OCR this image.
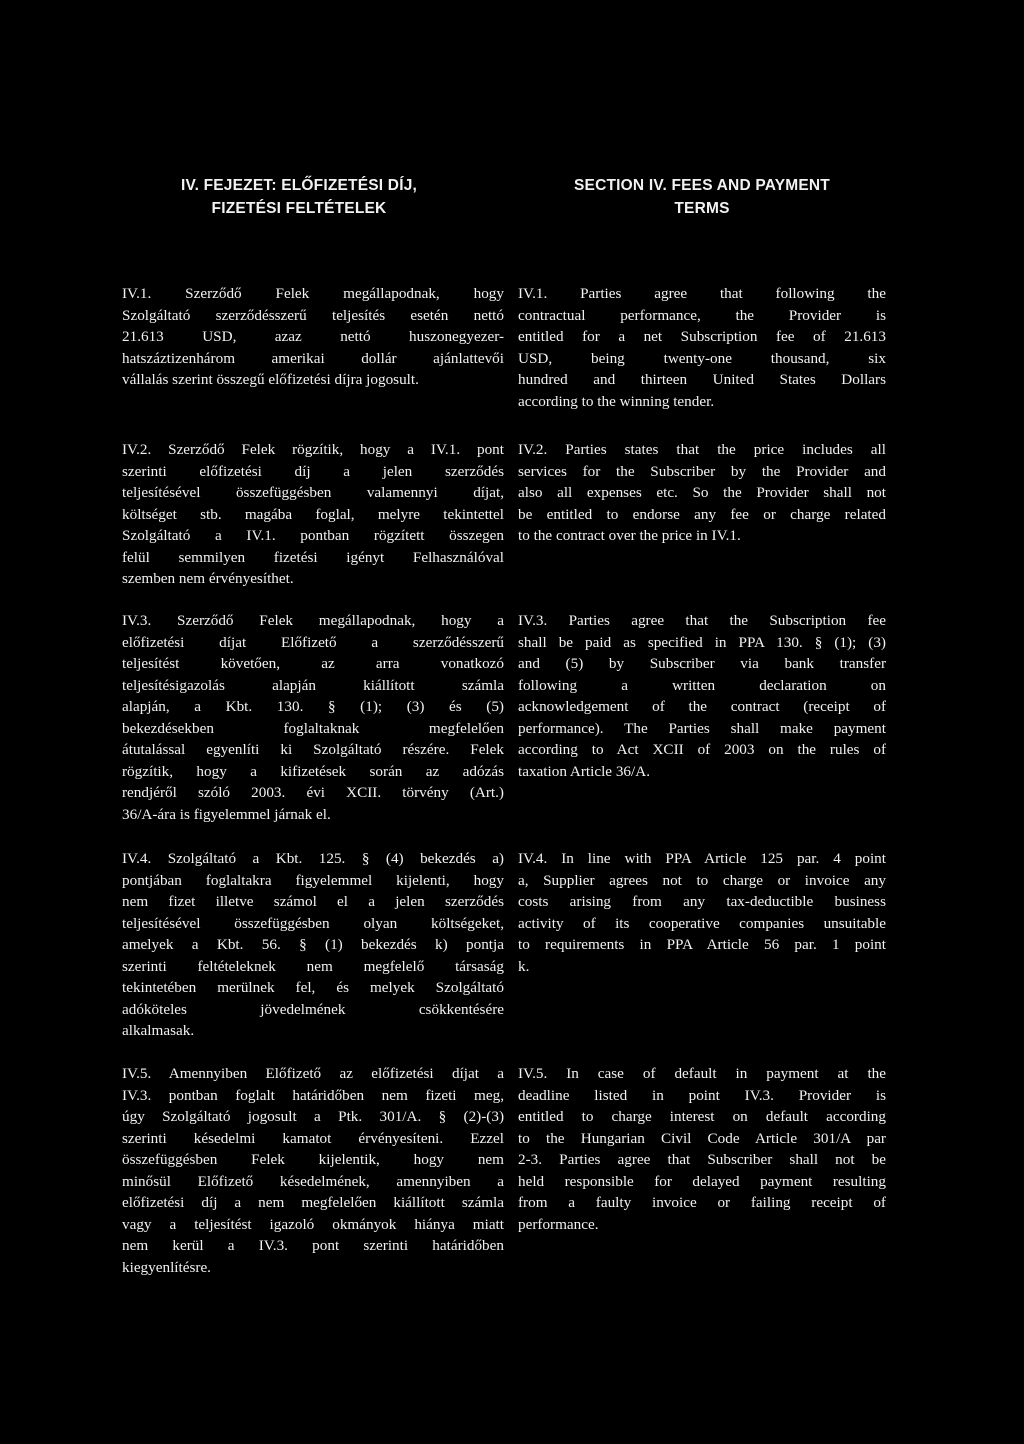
IV. FEJEZET: ELŐFIZETÉSI DÍJ,
FIZETÉSI FELTÉTELEK
SECTION IV. FEES AND PAYMENT
TERMS
IV.1. Szerződő Felek megállapodnak, hogy
Szolgáltató szerződésszerű teljesítés esetén nettó
21.613 USD, azaz nettó huszonegyezer-
hatszáztizenhárom amerikai dollár ajánlattevői
vállalás szerint összegű előfizetési díjra jogosult.
IV.2. Szerződő Felek rögzítik, hogy a IV.1. pont
szerinti előfizetési díj a jelen szerződés
teljesítésével összefüggésben valamennyi díjat,
költséget stb. magába foglal, melyre tekintettel
Szolgáltató a IV.1. pontban rögzített összegen
felül semmilyen fizetési igényt Felhasználóval
szemben nem érvényesíthet.
IV.3. Szerződő Felek megállapodnak, hogy a
előfizetési díjat Előfizető a szerződésszerű
teljesítést követően, az arra vonatkozó
teljesítésigazolás alapján kiállított számla
alapján, a Kbt. 130. § (1); (3) és (5)
bekezdésekben foglaltaknak megfelelően
átutalással egyenlíti ki Szolgáltató részére. Felek
rögzítik, hogy a kifizetések során az adózás
rendjéről szóló 2003. évi XCII. törvény (Art.)
36/A-ára is figyelemmel járnak el.
IV.4. Szolgáltató a Kbt. 125. § (4) bekezdés a)
pontjában foglaltakra figyelemmel kijelenti, hogy
nem fizet illetve számol el a jelen szerződés
teljesítésével összefüggésben olyan költségeket,
amelyek a Kbt. 56. § (1) bekezdés k) pontja
szerinti feltételeknek nem megfelelő társaság
tekintetében merülnek fel, és melyek Szolgáltató
adóköteles jövedelmének csökkentésére
alkalmasak.
IV.5. Amennyiben Előfizető az előfizetési díjat a
IV.3. pontban foglalt határidőben nem fizeti meg,
úgy Szolgáltató jogosult a Ptk. 301/A. § (2)-(3)
szerinti késedelmi kamatot érvényesíteni. Ezzel
összefüggésben Felek kijelentik, hogy nem
minősül Előfizető késedelmének, amennyiben a
előfizetési díj a nem megfelelően kiállított számla
vagy a teljesítést igazoló okmányok hiánya miatt
nem kerül a IV.3. pont szerinti határidőben
kiegyenlítésre.
IV.1. Parties agree that following the
contractual performance, the Provider is
entitled for a net Subscription fee of 21.613
USD, being twenty-one thousand, six
hundred and thirteen United States Dollars
according to the winning tender.
IV.2. Parties states that the price includes all
services for the Subscriber by the Provider and
also all expenses etc. So the Provider shall not
be entitled to endorse any fee or charge related
to the contract over the price in IV.1.
IV.3. Parties agree that the Subscription fee
shall be paid as specified in PPA 130. § (1); (3)
and (5) by Subscriber via bank transfer
following a written declaration on
acknowledgement of the contract (receipt of
performance). The Parties shall make payment
according to Act XCII of 2003 on the rules of
taxation Article 36/A.
IV.4. In line with PPA Article 125 par. 4 point
a, Supplier agrees not to charge or invoice any
costs arising from any tax-deductible business
activity of its cooperative companies unsuitable
to requirements in PPA Article 56 par. 1 point
k.
IV.5. In case of default in payment at the
deadline listed in point IV.3. Provider is
entitled to charge interest on default according
to the Hungarian Civil Code Article 301/A par
2-3. Parties agree that Subscriber shall not be
held responsible for delayed payment resulting
from a faulty invoice or failing receipt of
performance.
